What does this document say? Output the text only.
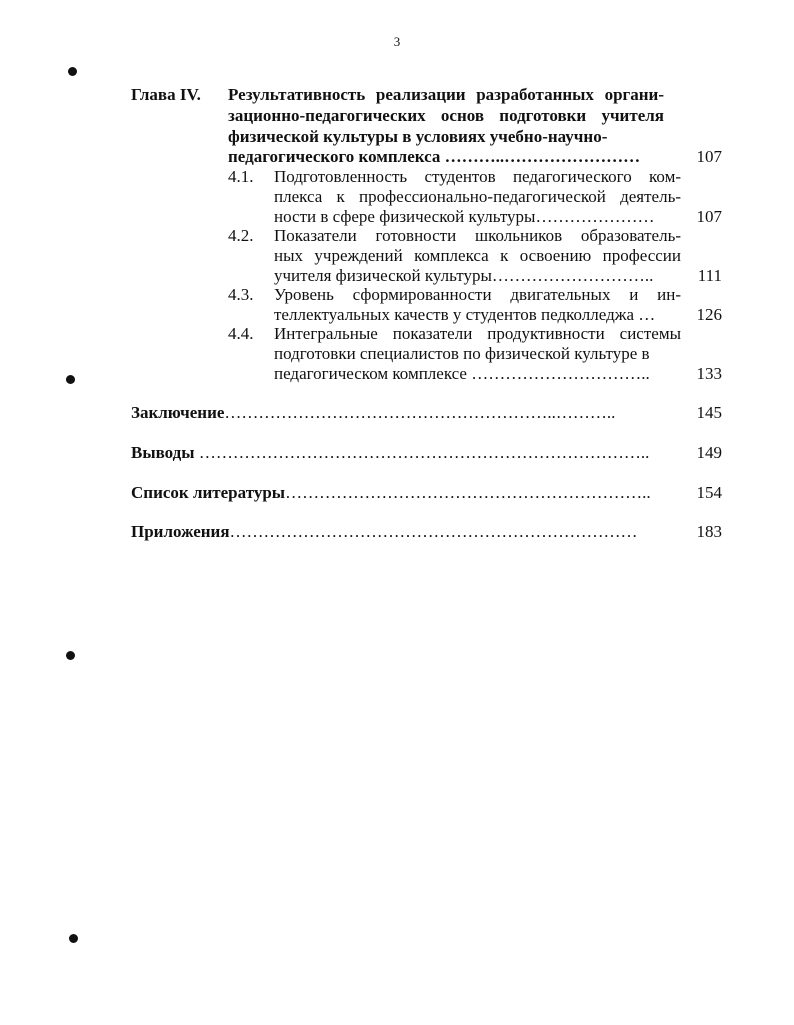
3
Глава IV. Результативность реализации разработанных органи-
зационно-педагогических основ подготовки учителя
физической культуры в условиях учебно-научно-
педагогического комплекса ………..……………………	107
4.1. Подготовленность студентов педагогического ком-
плекса к профессионально-педагогической деятель-
ности в сфере физической культуры…………………	107
4.2. Показатели готовности школьников образователь-
ных учреждений комплекса к освоению профессии
учителя физической культуры………………………..	111
4.3. Уровень сформированности двигательных и ин-
теллектуальных качеств у студентов педколледжа …	126
4.4. Интегральные показатели продуктивности системы
подготовки специалистов по физической культуре в
педагогическом комплексе …………………………..	133
Заключение…………………………………………………..………..	145
Выводы ……………………………………………………………………..	149
Список литературы………………………………………………………..	154
Приложения………………………………………………………………	183
